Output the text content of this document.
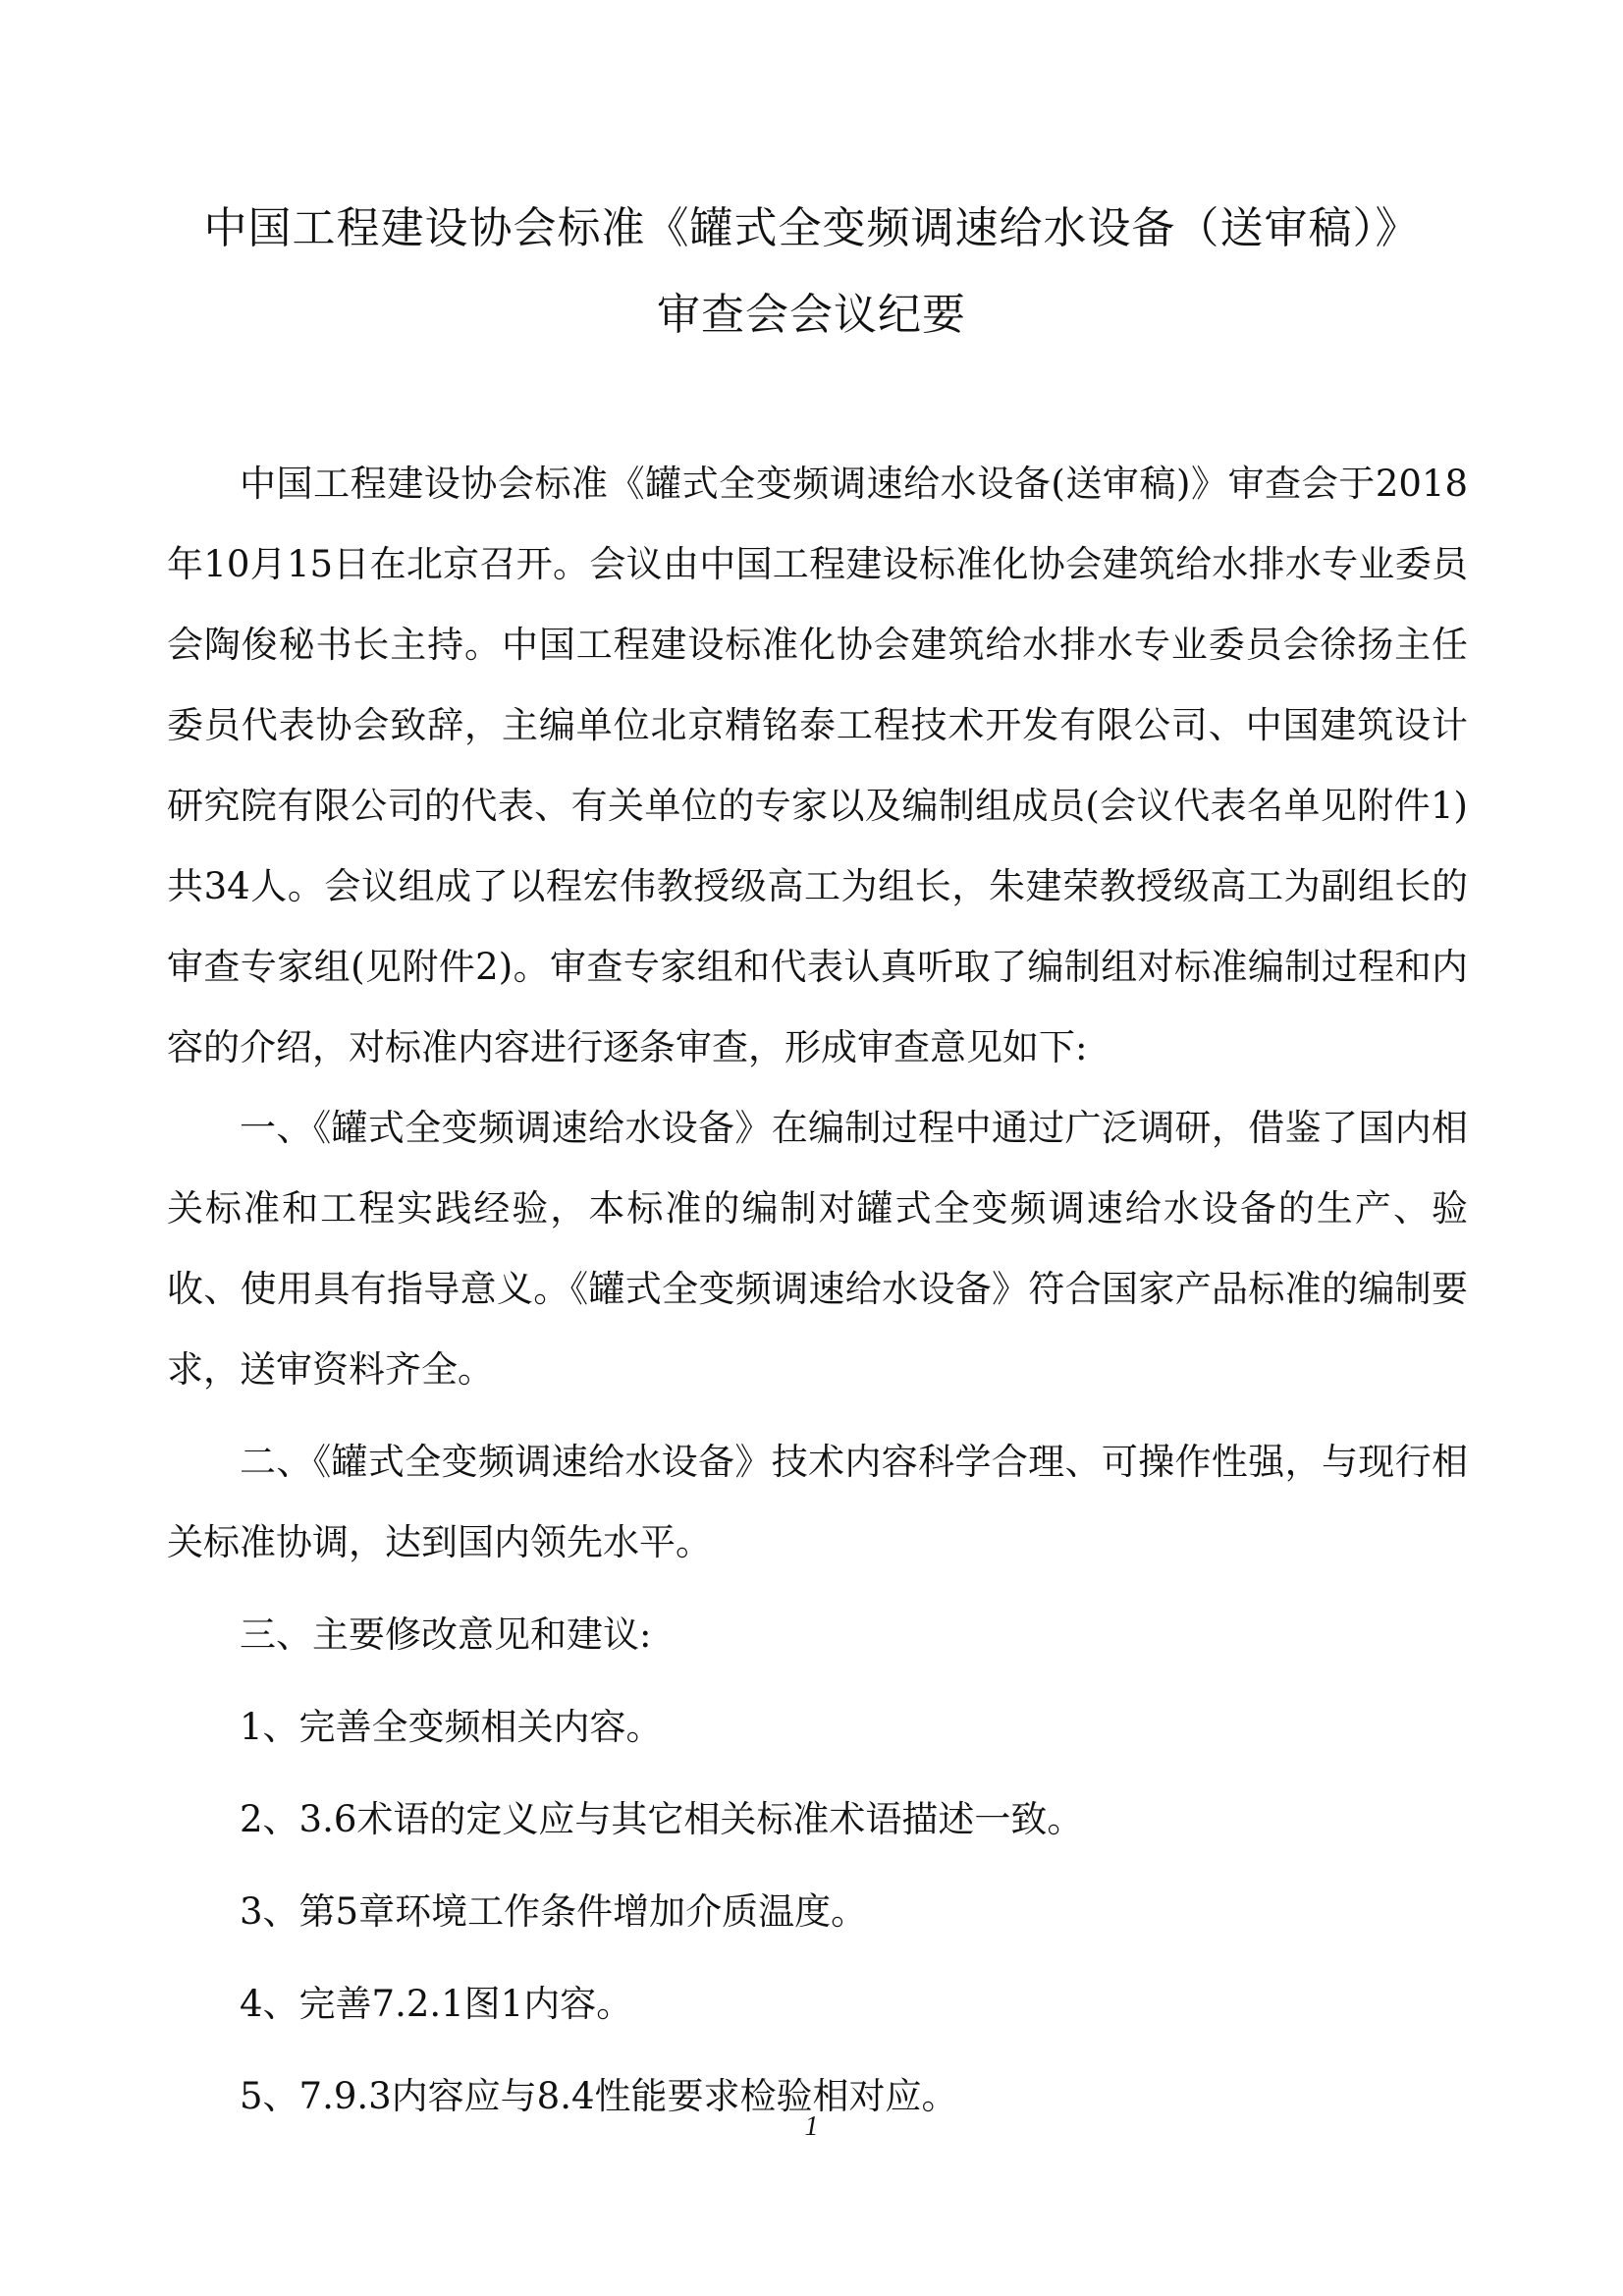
中国工程建设协会标准《罐式全变频调速给水设备（送审稿）》
审查会会议纪要

中国工程建设协会标准《罐式全变频调速给水设备(送审稿)》审查会于2018年10月15日在北京召开。会议由中国工程建设标准化协会建筑给水排水专业委员会陶俊秘书长主持。中国工程建设标准化协会建筑给水排水专业委员会徐扬主任委员代表协会致辞，主编单位北京精铭泰工程技术开发有限公司、中国建筑设计研究院有限公司的代表、有关单位的专家以及编制组成员(会议代表名单见附件1) 共34人。会议组成了以程宏伟教授级高工为组长，朱建荣教授级高工为副组长的审查专家组(见附件2)。审查专家组和代表认真听取了编制组对标准编制过程和内容的介绍，对标准内容进行逐条审查，形成审查意见如下:

一、《罐式全变频调速给水设备》在编制过程中通过广泛调研，借鉴了国内相关标准和工程实践经验，本标准的编制对罐式全变频调速给水设备的生产、验收、使用具有指导意义。《罐式全变频调速给水设备》符合国家产品标准的编制要求，送审资料齐全。

二、《罐式全变频调速给水设备》技术内容科学合理、可操作性强，与现行相关标准协调，达到国内领先水平。

三、主要修改意见和建议:

1、完善全变频相关内容。

2、3.6术语的定义应与其它相关标准术语描述一致。

3、第5章环境工作条件增加介质温度。

4、完善7.2.1图1内容。

5、7.9.3内容应与8.4性能要求检验相对应。

1
